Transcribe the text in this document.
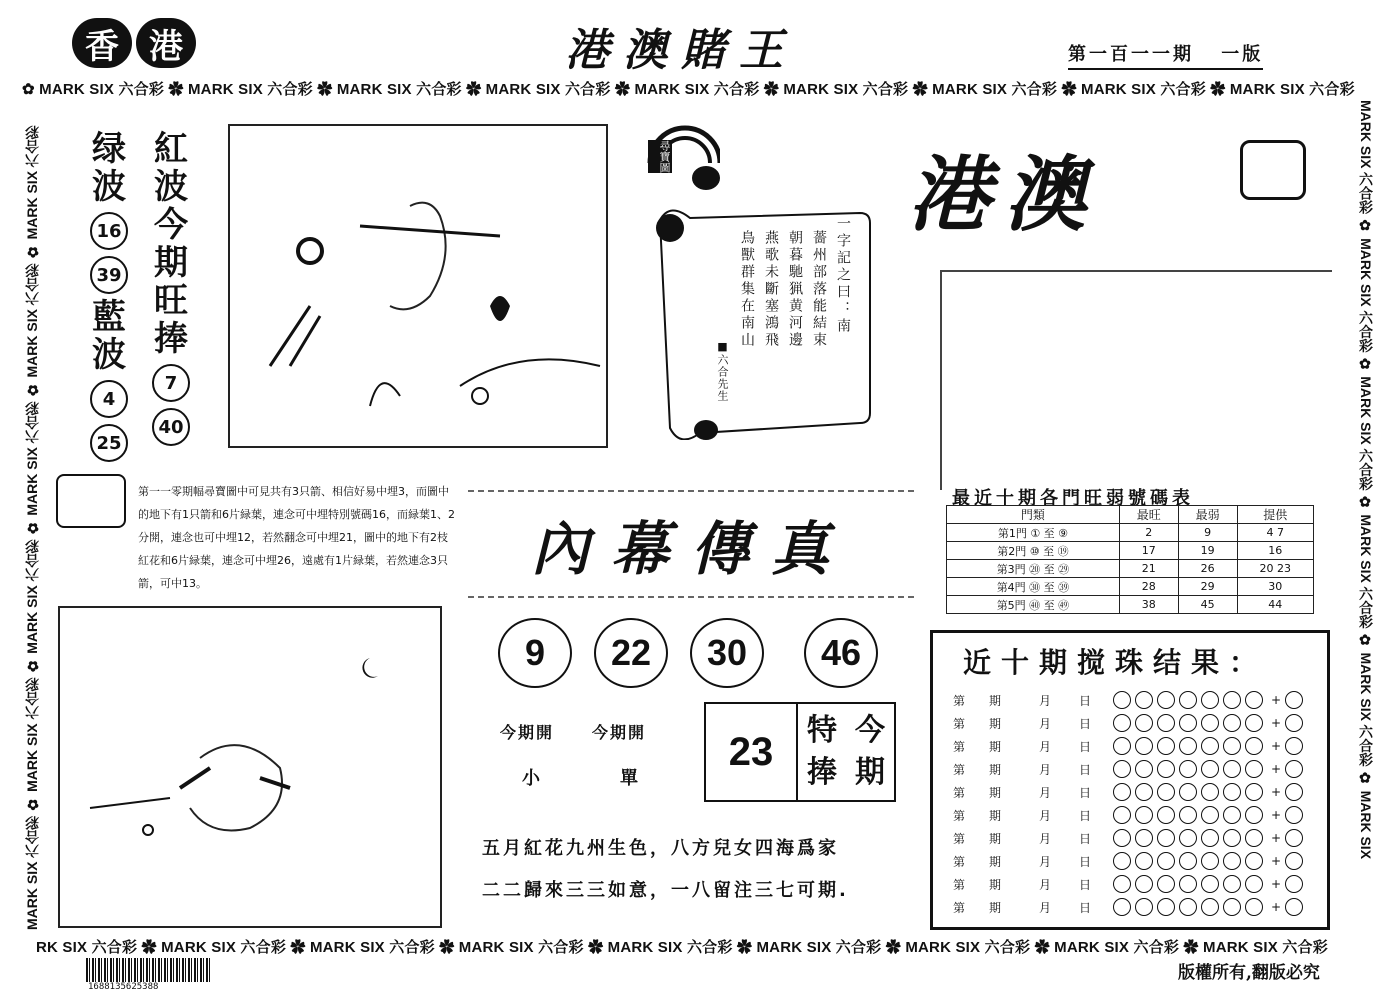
✿ MARK SIX 六合彩 ✿ MARK SIX 六合彩 ✿ MARK SIX 六合彩 ✿ MARK SIX 六合彩 ✿ MARK SIX 六合彩 ✿ MARK SIX 六合彩 ✿ MARK SIX 六合彩 ✿ MARK SIX 六合彩 ✿ MARK SIX 六合彩
RK SIX 六合彩 ✿ MARK SIX 六合彩 ✿ MARK SIX 六合彩 ✿ MARK SIX 六合彩 ✿ MARK SIX 六合彩 ✿ MARK SIX 六合彩 ✿ MARK SIX 六合彩 ✿ MARK SIX 六合彩 ✿ MARK SIX 六合彩
MARK SIX 六合彩 ✿ MARK SIX 六合彩 ✿ MARK SIX 六合彩 ✿ MARK SIX 六合彩 ✿ MARK SIX 六合彩 ✿ MARK SIX 六合彩	MARK SIX 六合彩 ✿ MARK SIX 六合彩 ✿ MARK SIX 六合彩 ✿ MARK SIX 六合彩 ✿ MARK SIX 六合彩 ✿ MARK SIX
香 港	港澳賭王	第一百一一期 一版
绿波
16
39
藍波
4
25
紅波今期旺捧
7
40
尋寶圖
一字記之曰：南
薔州部落能結束
朝暮馳猟黄河邊
燕歌未斷塞鴻飛
鳥獸群集在南山
■六合先生
港澳
第一一零期幅尋寶圖中可見共有3只箭、相信好易中埋3，而圖中的地下有1只箭和6片緑葉，連念可中埋特別號碼16，而緑葉1、2分開，連念也可中埋12，若然翻念可中埋21，圖中的地下有2枝紅花和6片緑葉，連念可中埋26，遠處有1片緑葉，若然連念3只箭，可中13。
內幕傳真
9	22	30	46
今期開
小
今期開
單
23	特 今
捧 期
五月紅花九州生色，八方兒女四海爲家
二二歸來三三如意，一八留注三七可期.
最近十期各門旺弱號碼表
門類	最旺	最弱	提供
第1門 ① 至 ⑨	2	9	4 7
第2門 ⑩ 至 ⑲	17	19	16
第3門 ⑳ 至 ㉙	21	26	20 23
第4門 ㉚ 至 ㊴	28	29	30
第5門 ㊵ 至 ㊾	38	45	44
近十期搅珠结果：
第	期	月	日	+
第	期	月	日	+
第	期	月	日	+
第	期	月	日	+
第	期	月	日	+
第	期	月	日	+
第	期	月	日	+
第	期	月	日	+
第	期	月	日	+
第	期	月	日	+
1688135625388
版權所有,翻版必究
